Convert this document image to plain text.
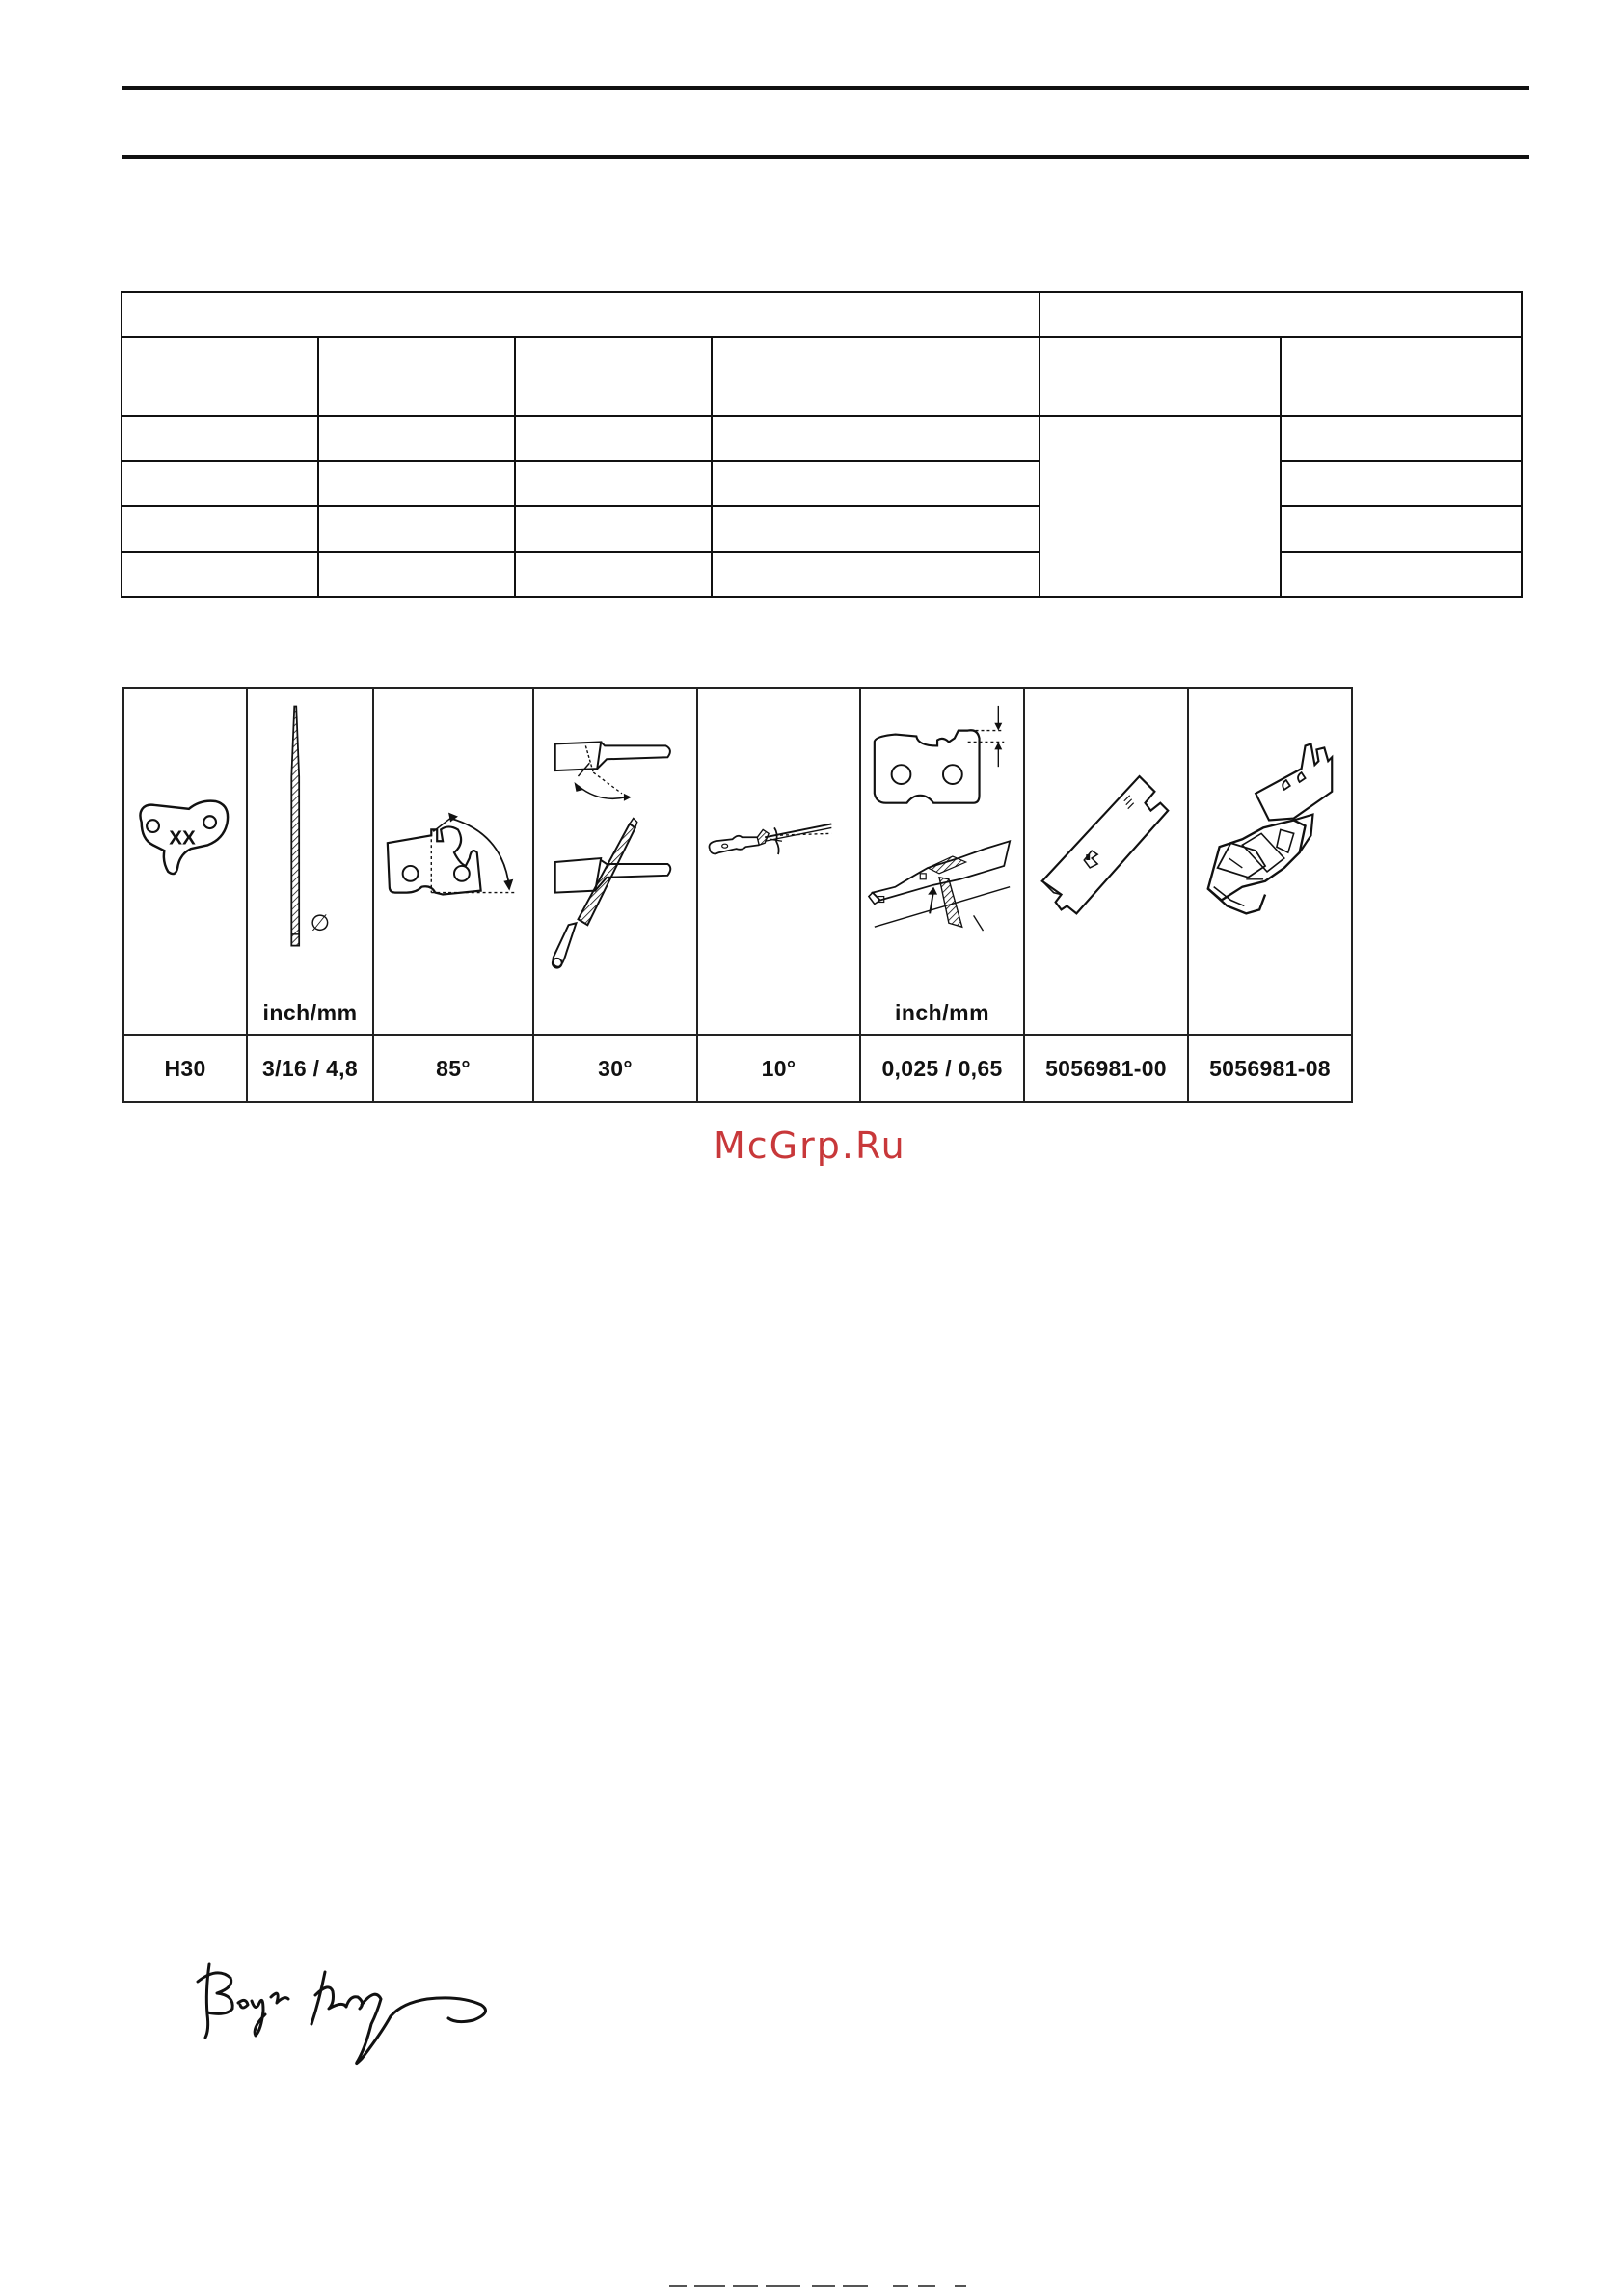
XX	∅
inch/mm				inch/mm

H30	3/16 / 4,8	85°	30°	10°	0,025 / 0,65	5056981-00	5056981-08
McGrp.Ru
